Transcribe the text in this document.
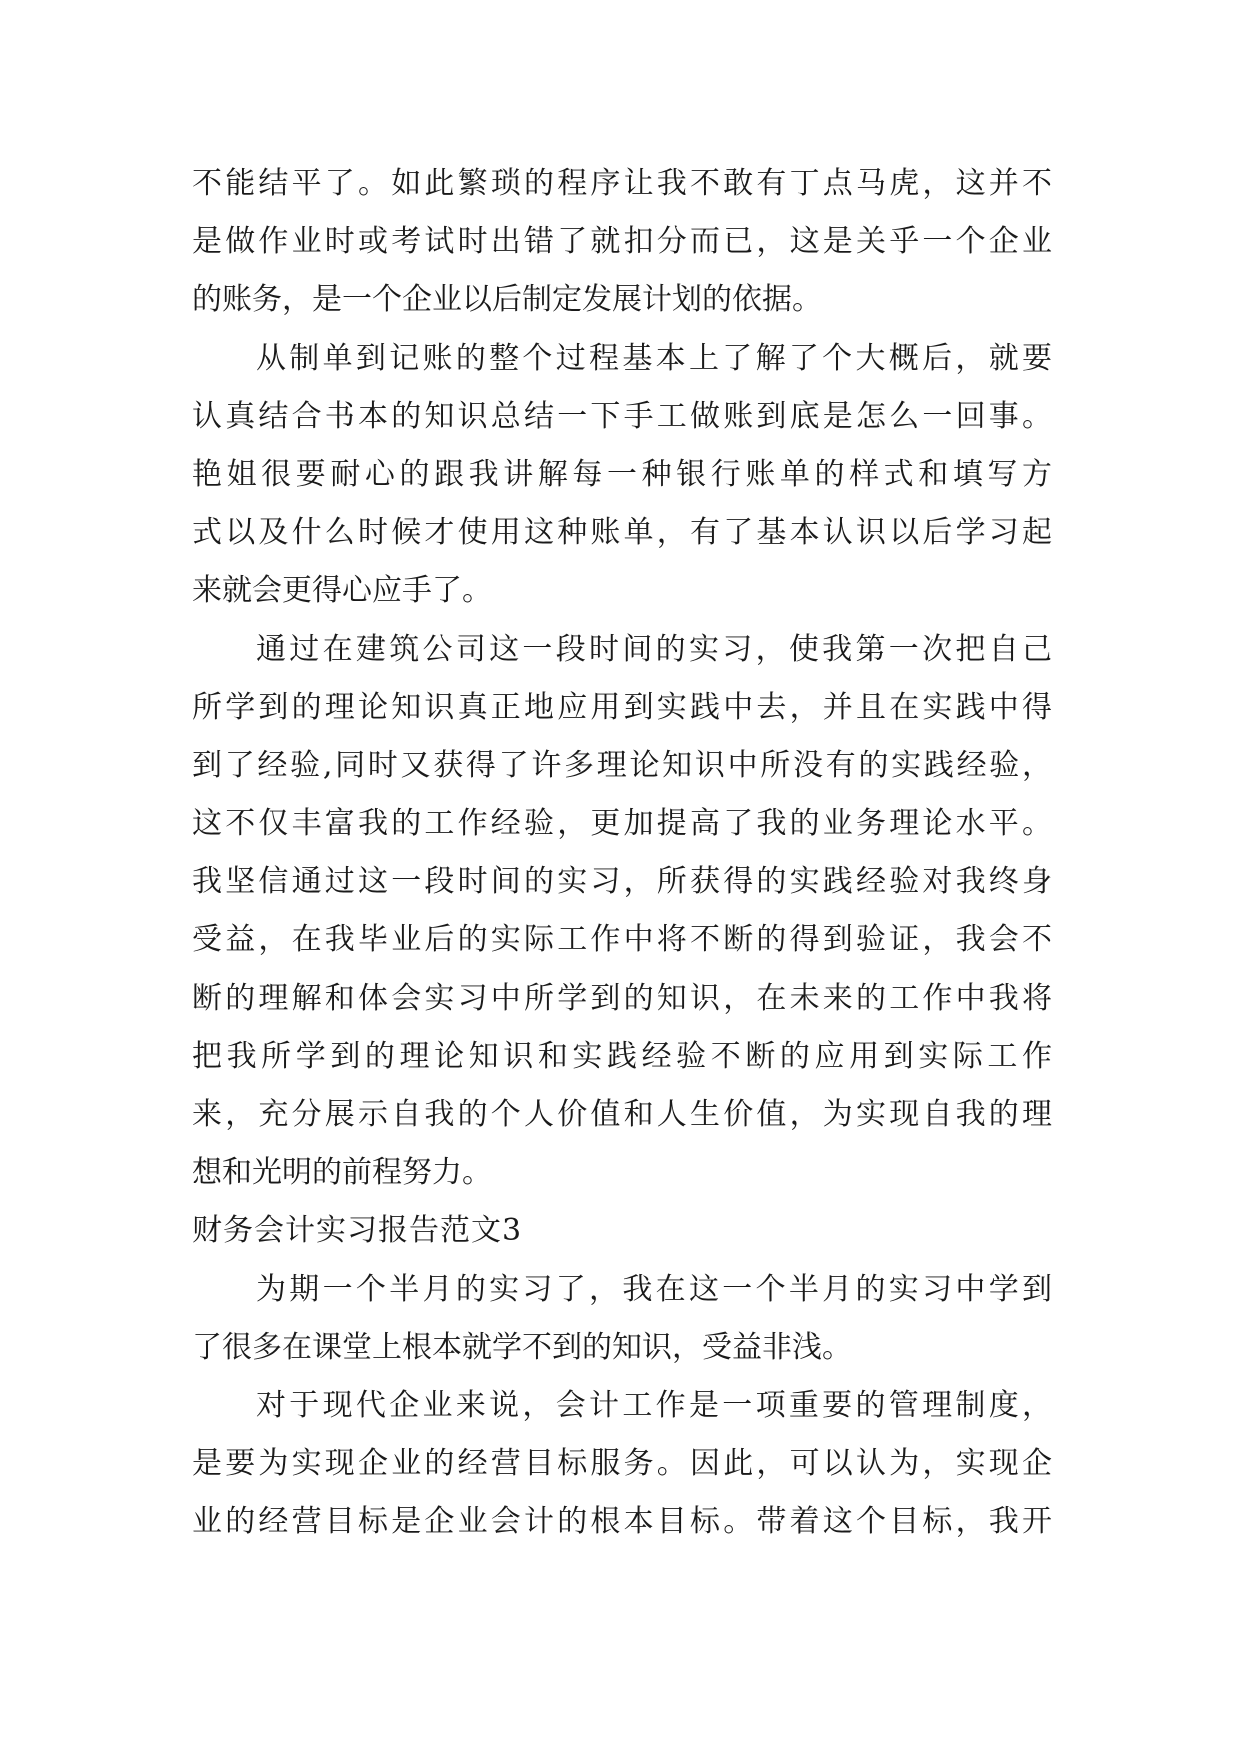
不能结平了。如此繁琐的程序让我不敢有丁点马虎，这并不
是做作业时或考试时出错了就扣分而已，这是关乎一个企业
的账务，是一个企业以后制定发展计划的依据。
从制单到记账的整个过程基本上了解了个大概后，就要
认真结合书本的知识总结一下手工做账到底是怎么一回事。
艳姐很要耐心的跟我讲解每一种银行账单的样式和填写方
式以及什么时候才使用这种账单，有了基本认识以后学习起
来就会更得心应手了。
通过在建筑公司这一段时间的实习，使我第一次把自己
所学到的理论知识真正地应用到实践中去，并且在实践中得
到了经验,同时又获得了许多理论知识中所没有的实践经验，
这不仅丰富我的工作经验，更加提高了我的业务理论水平。
我坚信通过这一段时间的实习，所获得的实践经验对我终身
受益，在我毕业后的实际工作中将不断的得到验证，我会不
断的理解和体会实习中所学到的知识，在未来的工作中我将
把我所学到的理论知识和实践经验不断的应用到实际工作
来，充分展示自我的个人价值和人生价值，为实现自我的理
想和光明的前程努力。
财务会计实习报告范文3
为期一个半月的实习了，我在这一个半月的实习中学到
了很多在课堂上根本就学不到的知识，受益非浅。
对于现代企业来说，会计工作是一项重要的管理制度，
是要为实现企业的经营目标服务。因此，可以认为，实现企
业的经营目标是企业会计的根本目标。带着这个目标，我开
